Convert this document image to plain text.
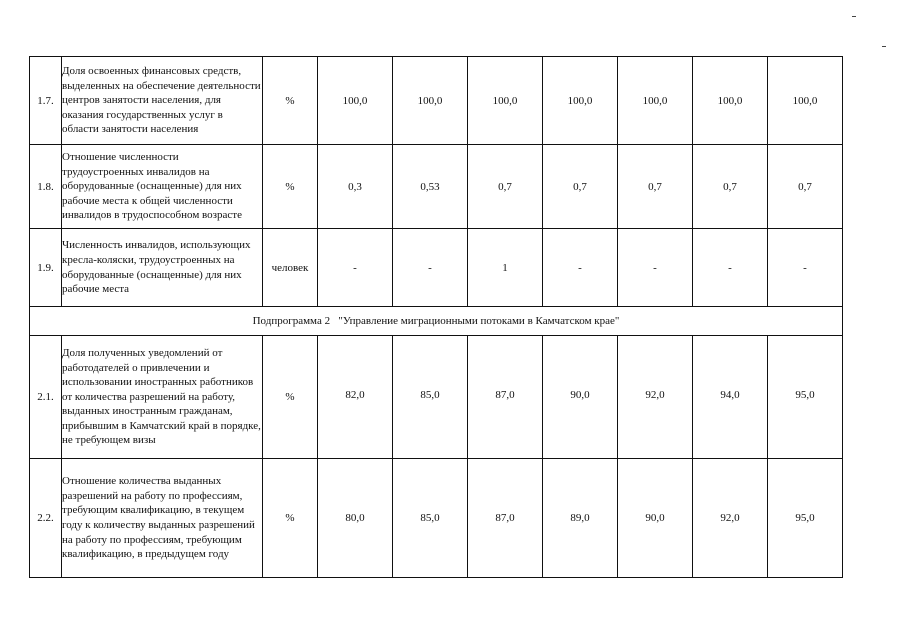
1.7.	Доля освоенных финансовых средств, выделенных на обеспечение деятельности центров занятости населения, для оказания государственных услуг в области занятости населения	%	100,0	100,0	100,0	100,0	100,0	100,0	100,0
1.8.	Отношение численности трудоустроенных инвалидов на оборудованные (оснащенные) для них рабочие места к общей численности инвалидов в трудоспособном возрасте	%	0,3	0,53	0,7	0,7	0,7	0,7	0,7
1.9.	Численность инвалидов, использующих кресла-коляски, трудоустроенных на оборудованные (оснащенные) для них рабочие места	человек	-	-	1	-	-	-	-
Подпрограмма 2 "Управление миграционными потоками в Камчатском крае"									
2.1.	Доля полученных уведомлений от работодателей о привлечении и использовании иностранных работников от количества разрешений на работу, выданных иностранным гражданам, прибывшим в Камчатский край в порядке, не требующем визы	%	82,0	85,0	87,0	90,0	92,0	94,0	95,0
2.2.	Отношение количества выданных разрешений на работу по профессиям, требующим квалификацию, в текущем году к количеству выданных разрешений на работу по профессиям, требующим квалификацию, в предыдущем году	%	80,0	85,0	87,0	89,0	90,0	92,0	95,0
